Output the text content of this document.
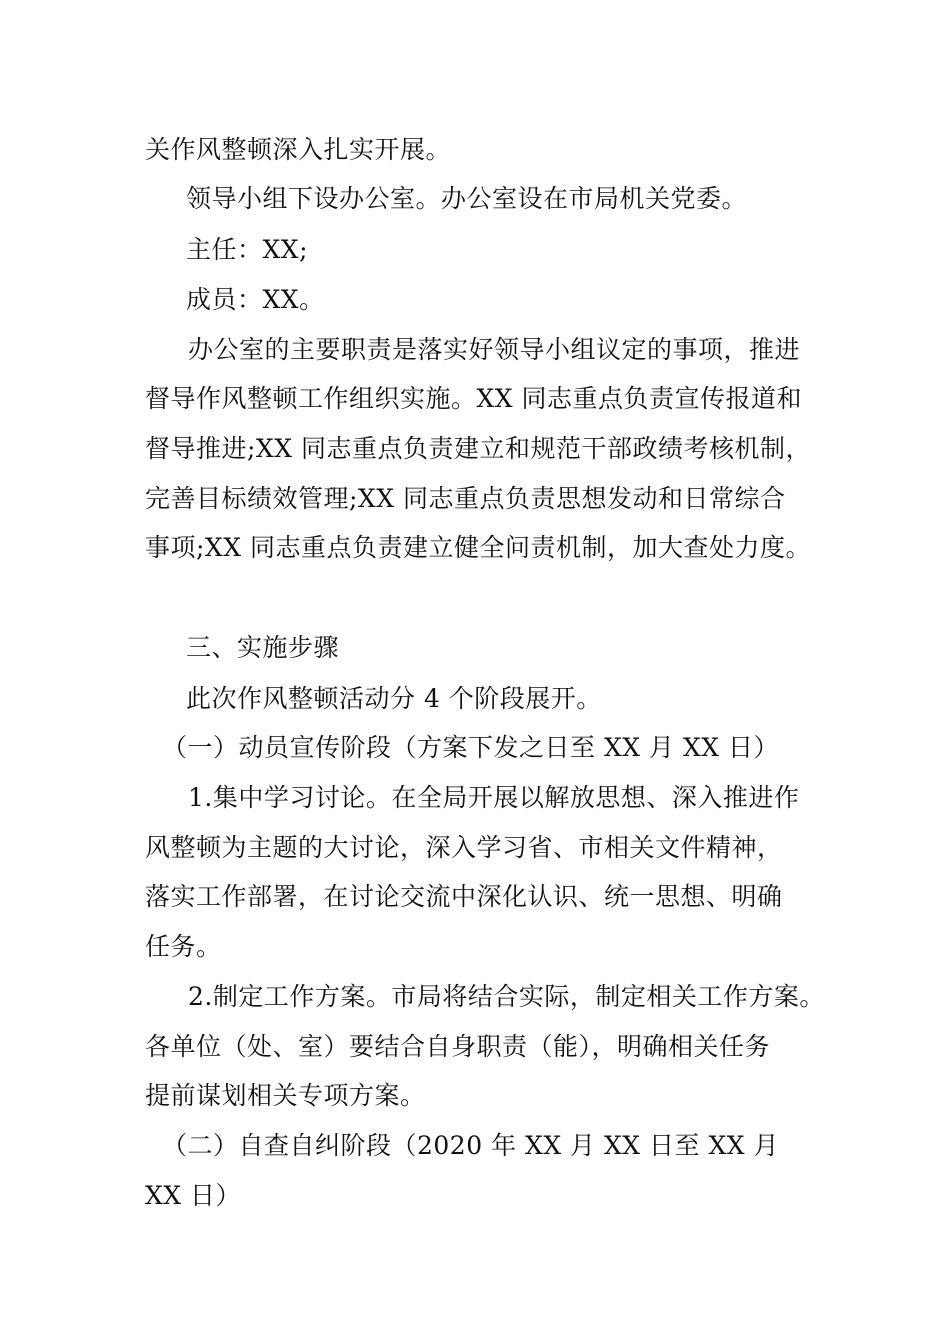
关作风整顿深入扎实开展。
领导小组下设办公室。办公室设在市局机关党委。
主任：XX;
成员：XX。
办公室的主要职责是落实好领导小组议定的事项，推进
督导作风整顿工作组织实施。XX 同志重点负责宣传报道和
督导推进;XX 同志重点负责建立和规范干部政绩考核机制，
完善目标绩效管理;XX 同志重点负责思想发动和日常综合
事项;XX 同志重点负责建立健全问责机制，加大查处力度。
三、实施步骤
此次作风整顿活动分 4 个阶段展开。
（一）动员宣传阶段（方案下发之日至 XX 月 XX 日）
1.集中学习讨论。在全局开展以解放思想、深入推进作
风整顿为主题的大讨论，深入学习省、市相关文件精神，
落实工作部署，在讨论交流中深化认识、统一思想、明确
任务。
2.制定工作方案。市局将结合实际，制定相关工作方案。
各单位（处、室）要结合自身职责（能），明确相关任务
提前谋划相关专项方案。
（二）自查自纠阶段（2020 年 XX 月 XX 日至 XX 月
XX 日）
